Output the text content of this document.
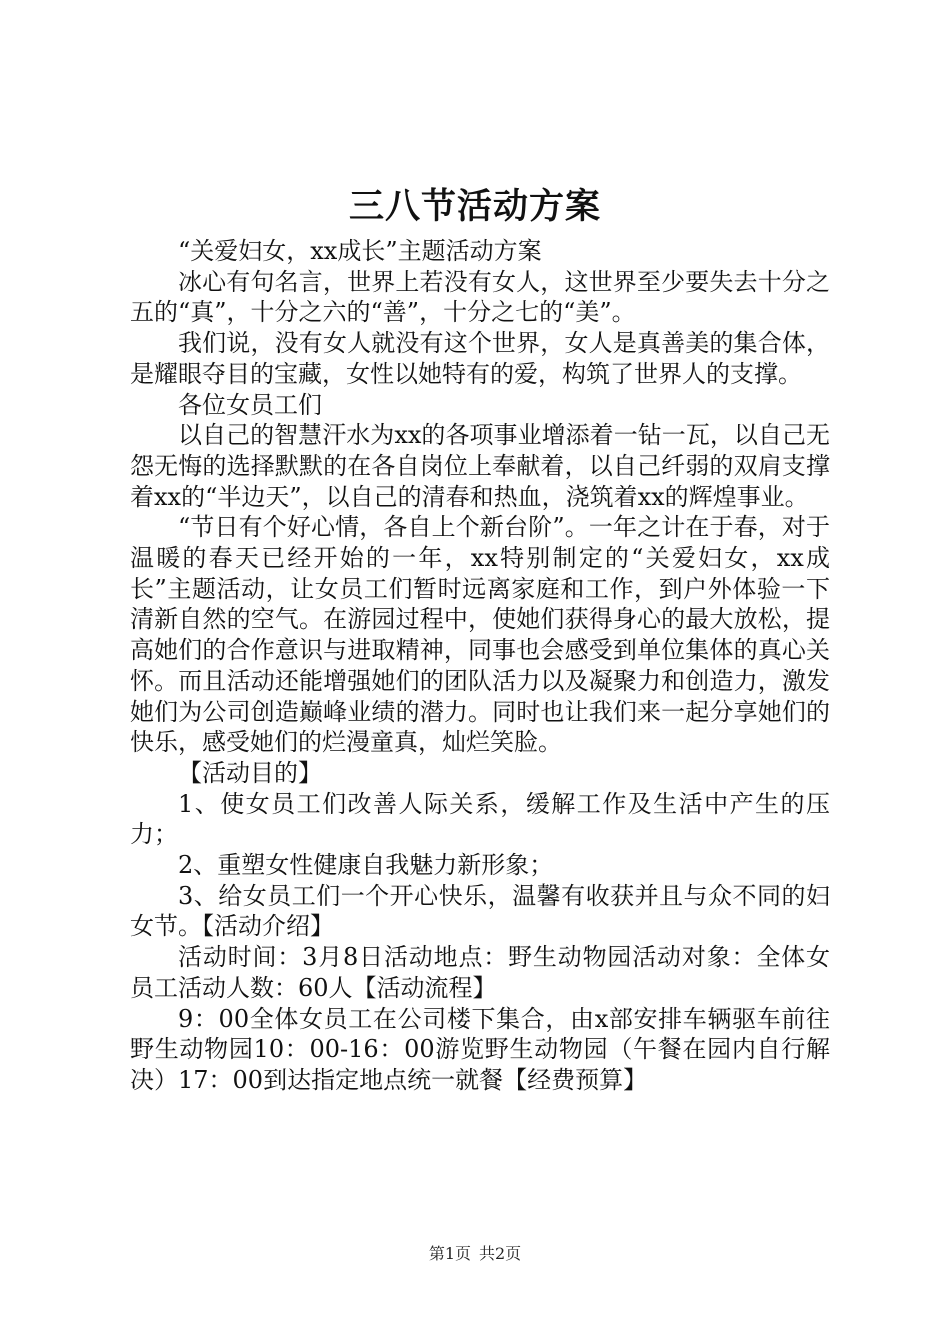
三八节活动方案

“关爱妇女，xx成长”主题活动方案

冰心有句名言，世界上若没有女人，这世界至少要失去十分之五的“真”，十分之六的“善”，十分之七的“美”。

我们说，没有女人就没有这个世界，女人是真善美的集合体，是耀眼夺目的宝藏，女性以她特有的爱，构筑了世界人的支撑。

各位女员工们

以自己的智慧汗水为xx的各项事业增添着一钻一瓦，以自己无怨无悔的选择默默的在各自岗位上奉献着，以自己纤弱的双肩支撑着xx的“半边天”，以自己的清春和热血，浇筑着xx的辉煌事业。

“节日有个好心情，各自上个新台阶”。一年之计在于春，对于温暖的春天已经开始的一年，xx特别制定的“关爱妇女，xx成长”主题活动，让女员工们暂时远离家庭和工作，到户外体验一下清新自然的空气。在游园过程中，使她们获得身心的最大放松，提高她们的合作意识与进取精神，同事也会感受到单位集体的真心关怀。而且活动还能增强她们的团队活力以及凝聚力和创造力，激发她们为公司创造巅峰业绩的潜力。同时也让我们来一起分享她们的快乐，感受她们的烂漫童真，灿烂笑脸。

【活动目的】

1、使女员工们改善人际关系，缓解工作及生活中产生的压力；

2、重塑女性健康自我魅力新形象；

3、给女员工们一个开心快乐，温馨有收获并且与众不同的妇女节。【活动介绍】

活动时间：3月8日活动地点：野生动物园活动对象：全体女员工活动人数：60人【活动流程】

9：00全体女员工在公司楼下集合，由x部安排车辆驱车前往野生动物园10：00-16：00游览野生动物园（午餐在园内自行解决）17：00到达指定地点统一就餐【经费预算】

第1页 共2页
